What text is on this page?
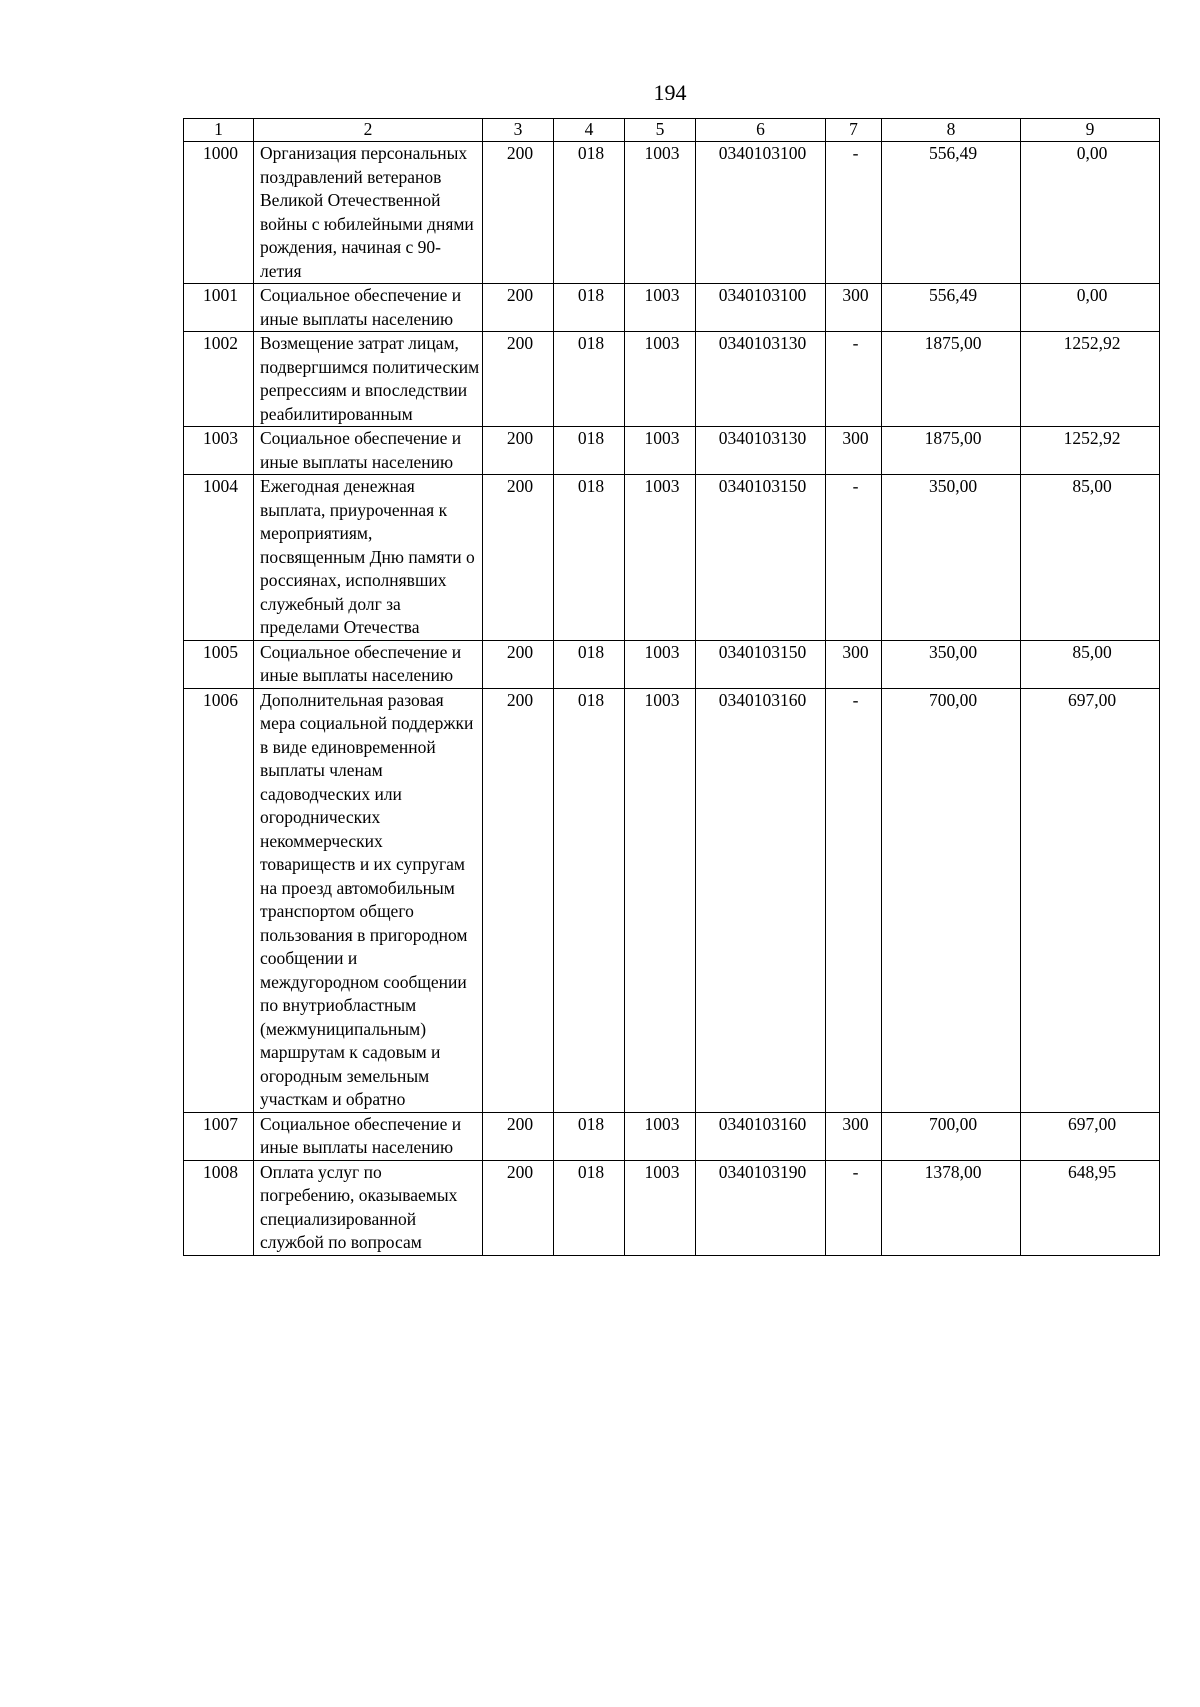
194
1	2	3	4	5	6	7	8	9
1000	Организация персональных поздравлений ветеранов Великой Отечественной войны с юбилейными днями рождения, начиная с 90-летия	200	018	1003	0340103100	-	556,49	0,00
1001	Социальное обеспечение и иные выплаты населению	200	018	1003	0340103100	300	556,49	0,00
1002	Возмещение затрат лицам, подвергшимся политическим репрессиям и впоследствии реабилитированным	200	018	1003	0340103130	-	1875,00	1252,92
1003	Социальное обеспечение и иные выплаты населению	200	018	1003	0340103130	300	1875,00	1252,92
1004	Ежегодная денежная выплата, приуроченная к мероприятиям, посвященным Дню памяти о россиянах, исполнявших служебный долг за пределами Отечества	200	018	1003	0340103150	-	350,00	85,00
1005	Социальное обеспечение и иные выплаты населению	200	018	1003	0340103150	300	350,00	85,00
1006	Дополнительная разовая мера социальной поддержки в виде единовременной выплаты членам садоводческих или огороднических некоммерческих товариществ и их супругам на проезд автомобильным транспортом общего пользования в пригородном сообщении и междугородном сообщении по внутриобластным (межмуниципальным) маршрутам к садовым и огородным земельным участкам и обратно	200	018	1003	0340103160	-	700,00	697,00
1007	Социальное обеспечение и иные выплаты населению	200	018	1003	0340103160	300	700,00	697,00
1008	Оплата услуг по погребению, оказываемых специализированной службой по вопросам	200	018	1003	0340103190	-	1378,00	648,95
